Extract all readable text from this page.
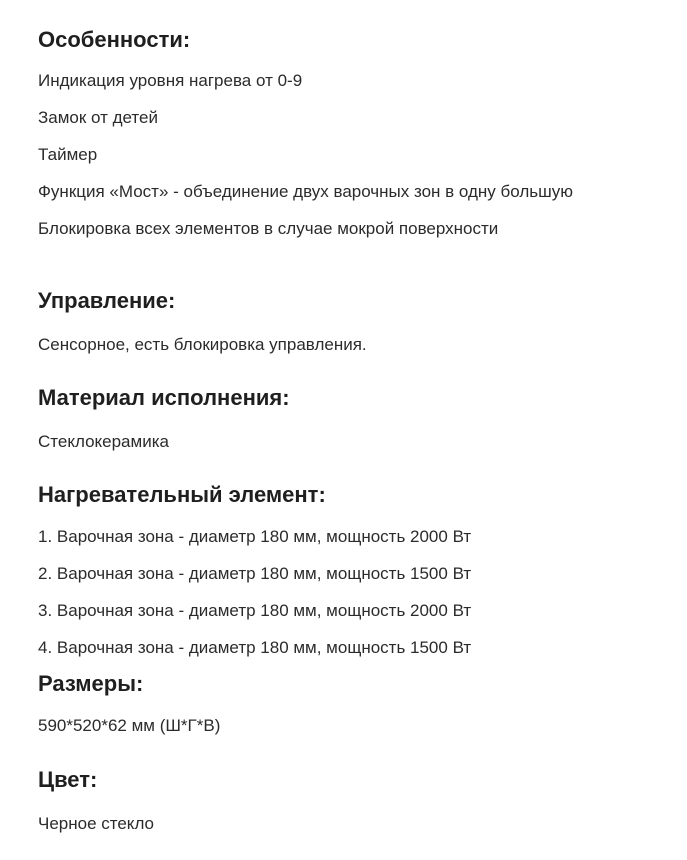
Особенности:
Индикация уровня нагрева от 0-9
Замок от детей
Таймер
Функция «Мост» - объединение двух варочных зон в одну большую
Блокировка всех элементов в случае мокрой поверхности
Управление:

Сенсорное, есть блокировка управления.

Материал исполнения:

Стеклокерамика

Нагревательный элемент:
1. Варочная зона - диаметр 180 мм, мощность 2000 Вт
2. Варочная зона - диаметр 180 мм, мощность 1500 Вт
3. Варочная зона - диаметр 180 мм, мощность 2000 Вт
4. Варочная зона - диаметр 180 мм, мощность 1500 Вт
Размеры:

590*520*62 мм (Ш*Г*В)

Цвет:

Черное стекло
